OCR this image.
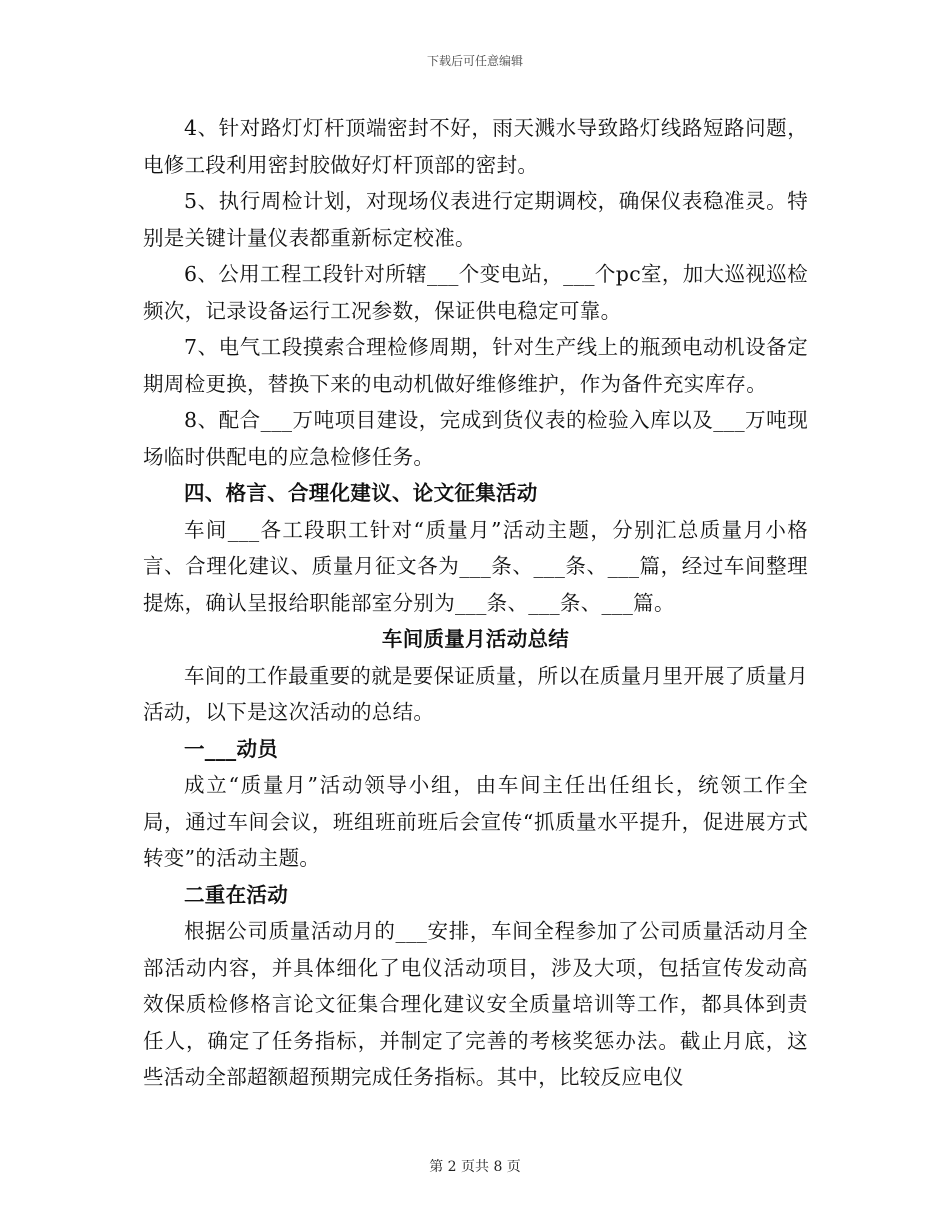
下载后可任意编辑

4、针对路灯灯杆顶端密封不好，雨天溅水导致路灯线路短路问题，电修工段利用密封胶做好灯杆顶部的密封。

5、执行周检计划，对现场仪表进行定期调校，确保仪表稳准灵。特别是关键计量仪表都重新标定校准。

6、公用工程工段针对所辖___个变电站，___个pc室，加大巡视巡检频次，记录设备运行工况参数，保证供电稳定可靠。

7、电气工段摸索合理检修周期，针对生产线上的瓶颈电动机设备定期周检更换，替换下来的电动机做好维修维护，作为备件充实库存。

8、配合___万吨项目建设，完成到货仪表的检验入库以及___万吨现场临时供配电的应急检修任务。

四、格言、合理化建议、论文征集活动

车间___各工段职工针对“质量月”活动主题，分别汇总质量月小格言、合理化建议、质量月征文各为___条、___条、___篇，经过车间整理提炼，确认呈报给职能部室分别为___条、___条、___篇。

车间质量月活动总结

车间的工作最重要的就是要保证质量，所以在质量月里开展了质量月活动，以下是这次活动的总结。

一___动员

成立“质量月”活动领导小组，由车间主任出任组长，统领工作全局，通过车间会议，班组班前班后会宣传“抓质量水平提升，促进展方式转变”的活动主题。

二重在活动

根据公司质量活动月的___安排，车间全程参加了公司质量活动月全部活动内容，并具体细化了电仪活动项目，涉及大项，包括宣传发动高效保质检修格言论文征集合理化建议安全质量培训等工作，都具体到责任人，确定了任务指标，并制定了完善的考核奖惩办法。截止月底，这些活动全部超额超预期完成任务指标。其中，比较反应电仪

第 2 页共 8 页
